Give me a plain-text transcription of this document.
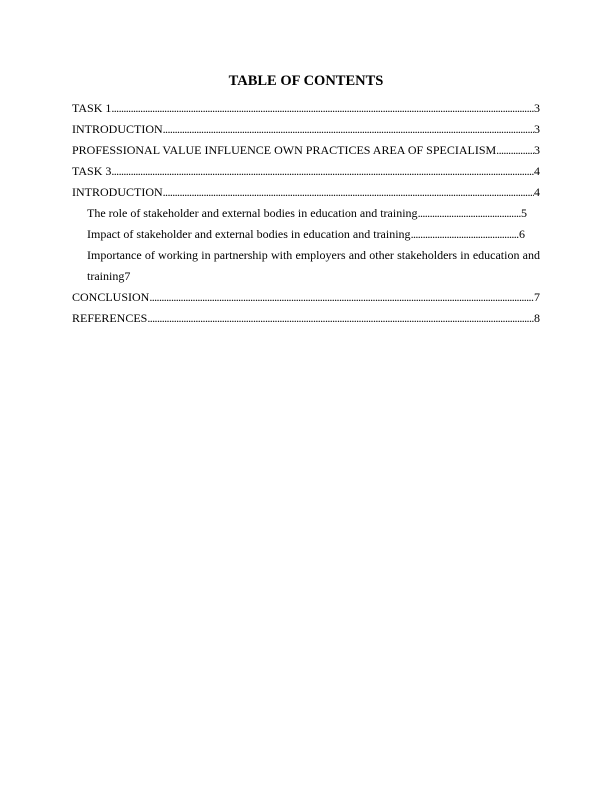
TABLE OF CONTENTS
TASK 1 .....	3
INTRODUCTION .....	3
PROFESSIONAL VALUE INFLUENCE OWN PRACTICES AREA OF SPECIALISM .....	3
TASK 3 .....	4
INTRODUCTION .....	4
The role of stakeholder and external bodies in education and training .....	5
Impact of stakeholder and external bodies in education and training .....	6
Importance of working in partnership with employers and other stakeholders in education and
training 7
CONCLUSION .....	7
REFERENCES .....	8
